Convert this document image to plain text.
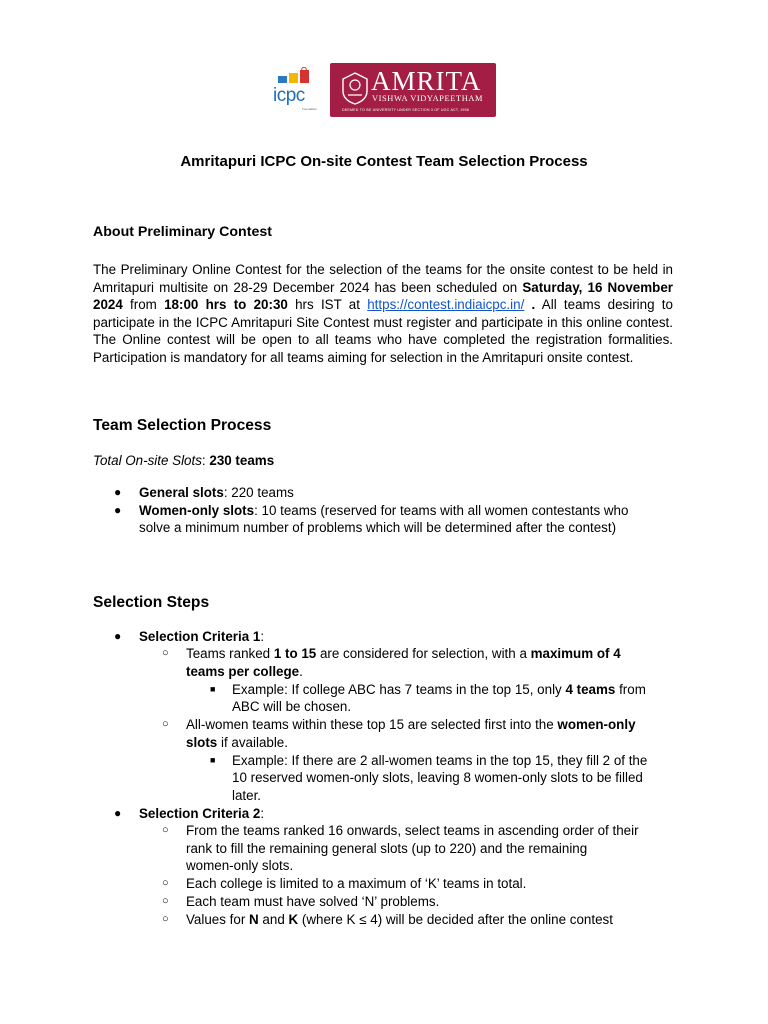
icpc
Foundation
AMRITA
VISHWA VIDYAPEETHAM
DEEMED TO BE UNIVERSITY UNDER SECTION 3 OF UGC ACT, 1956
Amritapuri ICPC On-site Contest Team Selection Process
About Preliminary Contest

The Preliminary Online Contest for the selection of the teams for the onsite contest to be held in Amritapuri multisite on 28-29 December 2024 has been scheduled on Saturday, 16 November 2024 from 18:00 hrs to 20:30 hrs IST at https://contest.indiaicpc.in/ . All teams desiring to participate in the ICPC Amritapuri Site Contest must register and participate in this online contest. The Online contest will be open to all teams who have completed the registration formalities. Participation is mandatory for all teams aiming for selection in the Amritapuri onsite contest.

Team Selection Process
Total On-site Slots: 230 teams
● General slots: 220 teams
● Women-only slots: 10 teams (reserved for teams with all women contestants who
solve a minimum number of problems which will be determined after the contest)
Selection Steps
● Selection Criteria 1:
○ Teams ranked 1 to 15 are considered for selection, with a maximum of 4
teams per college.
■ Example: If college ABC has 7 teams in the top 15, only 4 teams from
ABC will be chosen.
○ All-women teams within these top 15 are selected first into the women-only
slots if available.
■ Example: If there are 2 all-women teams in the top 15, they fill 2 of the
10 reserved women-only slots, leaving 8 women-only slots to be filled
later.
● Selection Criteria 2:
○ From the teams ranked 16 onwards, select teams in ascending order of their
rank to fill the remaining general slots (up to 220) and the remaining
women-only slots.
○ Each college is limited to a maximum of ‘K’ teams in total.
○ Each team must have solved ‘N’ problems.
○ Values for N and K (where K ≤ 4) will be decided after the online contest
